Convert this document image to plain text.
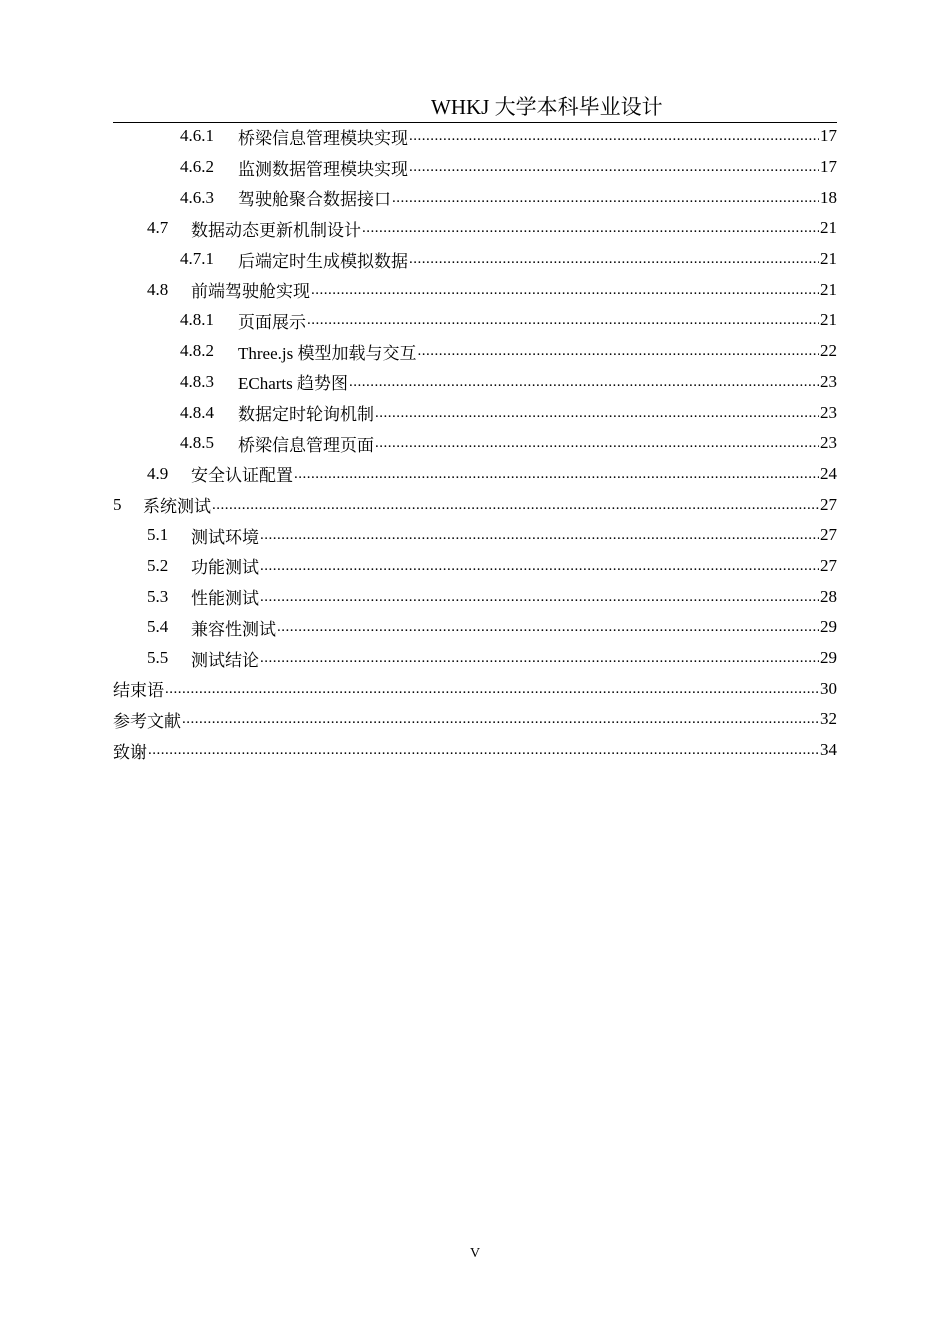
WHKJ 大学本科毕业设计
4.6.1	桥梁信息管理模块实现 .....	17
4.6.2	监测数据管理模块实现 .....	17
4.6.3	驾驶舱聚合数据接口 .....	18
4.7	数据动态更新机制设计 .....	21
4.7.1	后端定时生成模拟数据 .....	21
4.8	前端驾驶舱实现 .....	21
4.8.1	页面展示 .....	21
4.8.2	Three.js 模型加载与交互 .....	22
4.8.3	ECharts 趋势图 .....	23
4.8.4	数据定时轮询机制 .....	23
4.8.5	桥梁信息管理页面 .....	23
4.9	安全认证配置 .....	24
5	系统测试 .....	27
5.1	测试环境 .....	27
5.2	功能测试 .....	27
5.3	性能测试 .....	28
5.4	兼容性测试 .....	29
5.5	测试结论 .....	29
结束语 .....	30
参考文献 .....	32
致谢 .....	34
V
